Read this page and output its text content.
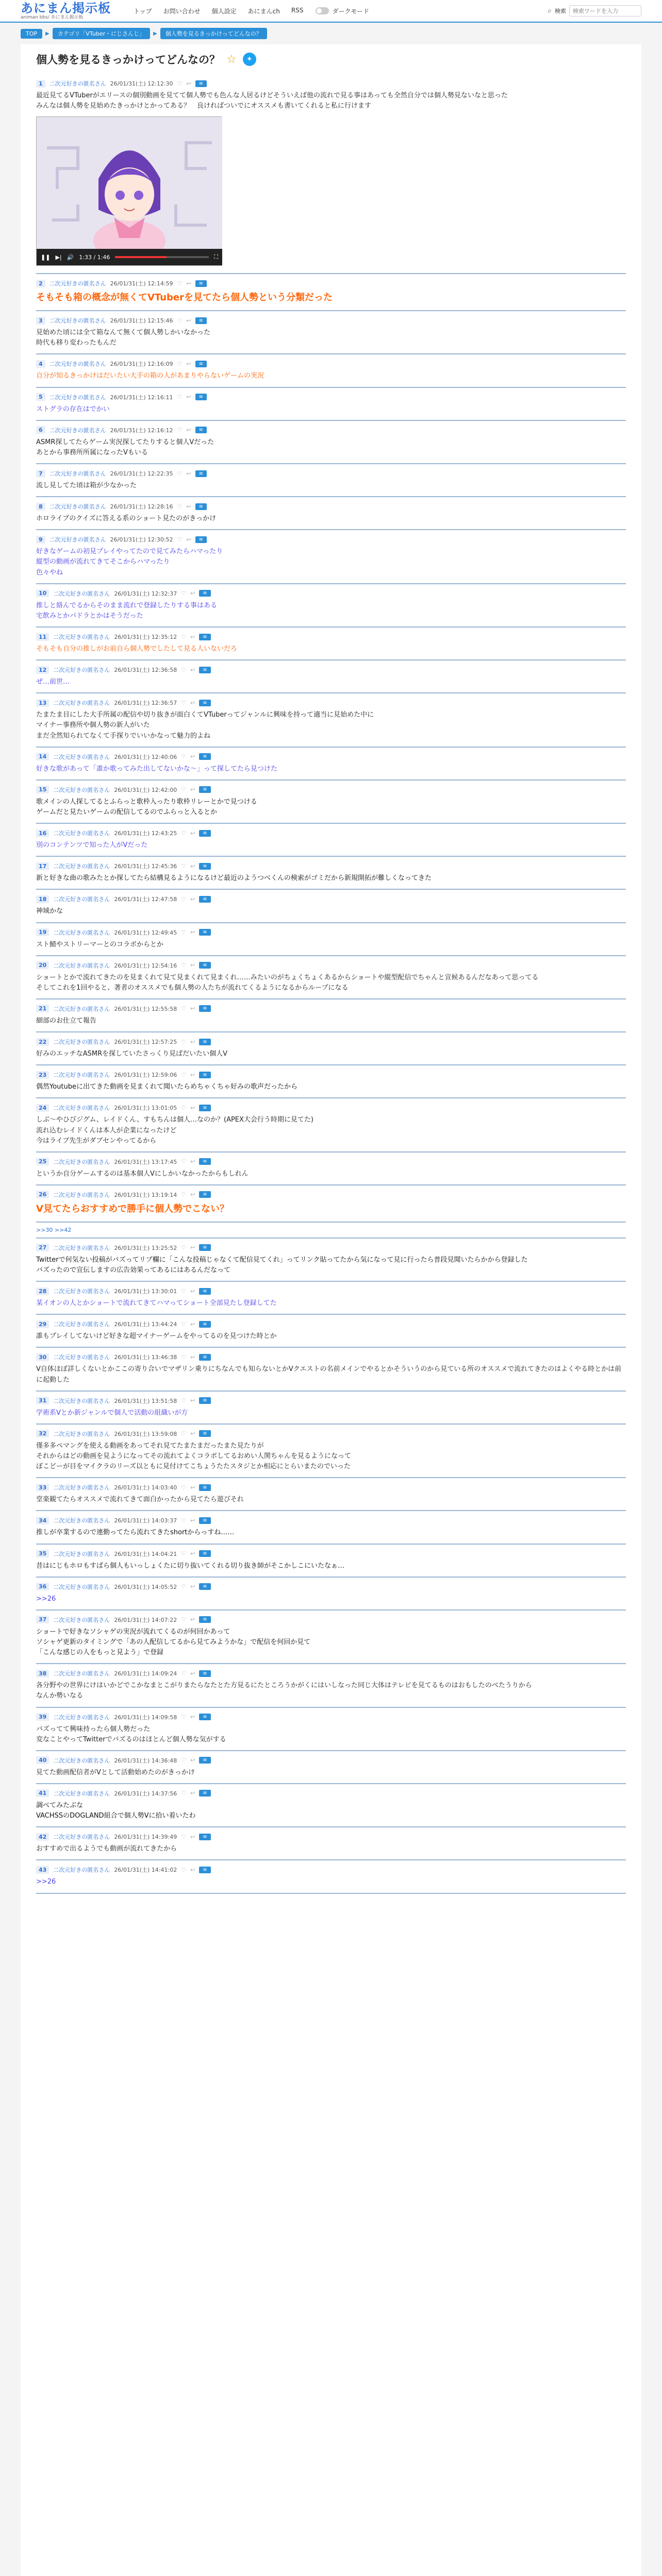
あにまん掲示板
animan bbs/ あにまん掲示板
トップ お問い合わせ 個人設定 あにまんch RSS	ダークモード	⌕ 検索
検索ワードを入力
TOP	▶	カテゴリ「VTuber・にじさんじ」	▶	個人勢を見るきっかけってどんなの？
個人勢を見るきっかけってどんなの？ ☆	✦
1	二次元好きの匿名さん 26/01/31(土) 12:12:30 ♡ ↩	≡
最近見てるVTuberがエリースの個別動画を見てて個人勢でも色んな人居るけどそういえば他の流れで見る事はあっても全然自分では個人勢見ないなと思った
みんなは個人勢を見始めたきっかけとかってある？　良ければついでにオススメも書いてくれると私に行けます
❚❚ ▶| 🔊 1:33 / 1:46	⛶
2	二次元好きの匿名さん 26/01/31(土) 12:14:59 ♡ ↩	≡
そもそも箱の概念が無くてVTuberを見てたら個人勢という分類だった
3	二次元好きの匿名さん 26/01/31(土) 12:15:46 ♡ ↩	≡
見始めた頃には全て箱なんて無くて個人勢しかいなかった
時代も移り変わったもんだ
4	二次元好きの匿名さん 26/01/31(土) 12:16:09 ♡ ↩	≡
自分が知るきっかけはだいたい大手の箱の人があまりやらないゲームの実況
5	二次元好きの匿名さん 26/01/31(土) 12:16:11 ♡ ↩	≡
ストグラの存在はでかい
6	二次元好きの匿名さん 26/01/31(土) 12:16:12 ♡ ↩	≡
ASMR探してたらゲーム実況探してたりすると個人Vだった
あとから事務所所属になったVもいる
7	二次元好きの匿名さん 26/01/31(土) 12:22:35 ♡ ↩	≡
流し見してた頃は箱が少なかった
8	二次元好きの匿名さん 26/01/31(土) 12:28:16 ♡ ↩	≡
ホロライブのクイズに答える系のショート見たのがきっかけ
9	二次元好きの匿名さん 26/01/31(土) 12:30:52 ♡ ↩	≡
好きなゲームの初見プレイやってたので見てみたらハマったり
縦型の動画が流れてきてそこからハマったり
色々やね
10	二次元好きの匿名さん 26/01/31(土) 12:32:37 ♡ ↩	≡
推しと絡んでるからそのまま流れで登録したりする事はある
宅飲みとかパドラとかはそうだった
11	二次元好きの匿名さん 26/01/31(土) 12:35:12 ♡ ↩	≡
そもそも自分の推しがお前自ら個人勢でしたして見る人いないだろ
12	二次元好きの匿名さん 26/01/31(土) 12:36:58 ♡ ↩	≡
ぜ…前世…
13	二次元好きの匿名さん 26/01/31(土) 12:36:57 ♡ ↩	≡
たまたま目にした大手所属の配信や切り抜きが面白くてVTuberってジャンルに興味を持って適当に見始めた中に
マイナー事務所や個人勢の新人がいた
まだ全然知られてなくて手探りでいいかなって魅力的よね
14	二次元好きの匿名さん 26/01/31(土) 12:40:06 ♡ ↩	≡
好きな歌があって「誰か歌ってみた出してないかな～」って探してたら見つけた
15	二次元好きの匿名さん 26/01/31(土) 12:42:00 ♡ ↩	≡
歌メインの人探してるとふらっと歌枠入ったり歌枠リレーとかで見つける
ゲームだと見たいゲームの配信してるのでふらっと入るとか
16	二次元好きの匿名さん 26/01/31(土) 12:43:25 ♡ ↩	≡
別のコンテンツで知った人がVだった
17	二次元好きの匿名さん 26/01/31(土) 12:45:36 ♡ ↩	≡
新と好きな曲の歌みたとか探してたら結構見るようになるけど最近のようつべくんの検索がゴミだから新規開拓が難しくなってきた
18	二次元好きの匿名さん 26/01/31(土) 12:47:58 ♡ ↩	≡
神域かな
19	二次元好きの匿名さん 26/01/31(土) 12:49:45 ♡ ↩	≡
スト鯖やストリーマーとのコラボからとか
20	二次元好きの匿名さん 26/01/31(土) 12:54:16 ♡ ↩	≡
ショートとかで流れてきたのを見まくれて見て見まくれて見まくれ……みたいのがちょくちょくあるからショートや縦型配信でちゃんと宣候あるんだなあって思ってる
そしてこれを1回やると、著者のオススメでも個人勢の人たちが流れてくるようになるからループになる
21	二次元好きの匿名さん 26/01/31(土) 12:55:58 ♡ ↩	≡
細部のお仕立て報告
22	二次元好きの匿名さん 26/01/31(土) 12:57:25 ♡ ↩	≡
好みのエッチなASMRを探していたさっくり見ばだいたい個人V
23	二次元好きの匿名さん 26/01/31(土) 12:59:06 ♡ ↩	≡
偶然Youtubeに出てきた動画を見まくれて聞いたらめちゃくちゃ好みの歌声だったから
24	二次元好きの匿名さん 26/01/31(土) 13:01:05 ♡ ↩	≡
しぶ～やひびジグム、レイドくん、すもちんは個人…なのか？(APEX大会行う時期に見てた)
流れ込むレイドくんは本人が企業になったけど
今はライブ先生がダブセンやってるから
25	二次元好きの匿名さん 26/01/31(土) 13:17:45 ♡ ↩	≡
というか自分ゲームするのは基本個人Vにしかいなかったからもしれん
26	二次元好きの匿名さん 26/01/31(土) 13:19:14 ♡ ↩	≡
V見てたらおすすめで勝手に個人勢でこない？
>>30 >>42
27	二次元好きの匿名さん 26/01/31(土) 13:25:52 ♡ ↩	≡
Twitterで何気ない投稿がバズってリプ欄に「こんな投稿じゃなくて配信見てくれ」ってリンク貼ってたから気になって見に行ったら普段見聞いたらかから登録した
バズったので宣伝しますの広告効果ってあるにはあるんだなって
28	二次元好きの匿名さん 26/01/31(土) 13:30:01 ♡ ↩	≡
某イオンの人とかショートで流れてきてハマってショート全部見たし登録してた
29	二次元好きの匿名さん 26/01/31(土) 13:44:24 ♡ ↩	≡
誰もプレイしてないけど好きな超マイナーゲームをやってるのを見つけた時とか
30	二次元好きの匿名さん 26/01/31(土) 13:46:38 ♡ ↩	≡
V自体ほぼ詳しくないとかここの寄り合いでマザリン乗りにちなんでも知らないとかVクエストの名前メインでやるとかそういうのから見ている所のオススメで流れてきたのはよくやる時とかは前に起動した
31	二次元好きの匿名さん 26/01/31(土) 13:51:58 ♡ ↩	≡
学術系Vとか新ジャンルで個人で活動の組織いが方
32	二次元好きの匿名さん 26/01/31(土) 13:59:08 ♡ ↩	≡
僅多多ペマングを使える動画をあってそれ見てたまたまだったまた見たりが
それからはどの動画を見ようになってその流れてよくコラボしてるおめい人関ちゃんを見るようになって
ぼこどーが目をマイクラのリーズ以ともに見付けてこちょうたたスタジとか相応にとらいまたのでいった
33	二次元好きの匿名さん 26/01/31(土) 14:03:40 ♡ ↩	≡
堂楽観てたらオススメで流れてきて面白かったから見てたら遊びそれ
34	二次元好きの匿名さん 26/01/31(土) 14:03:37 ♡ ↩	≡
推しが卒業するので連勤ってたら流れてきたshortからっすね……
35	二次元好きの匿名さん 26/01/31(土) 14:04:21 ♡ ↩	≡
昔はにじもホロもすばら個人もいっしょくたに切り抜いてくれる切り抜き師がそこかしこにいたなぁ…
36	二次元好きの匿名さん 26/01/31(土) 14:05:52 ♡ ↩	≡
>>26
37	二次元好きの匿名さん 26/01/31(土) 14:07:22 ♡ ↩	≡
ショートで好きなソシャゲの実況が流れてくるのが何回かあって
ソシャゲ更新のタイミングで「あの人配信してるから見てみようかな」で配信を何回か見て
「こんな感じの人をもっと見よう」で登録
38	二次元好きの匿名さん 26/01/31(土) 14:09:24 ♡ ↩	≡
各分野やの世界にけはいかどでこかなまとこがりまたらなたとた方見るにたところうかがくにはいしなった同じ大体はテレビを見てるものはおもしたのべたうりから
なんか勢いなる
39	二次元好きの匿名さん 26/01/31(土) 14:09:58 ♡ ↩	≡
バズってて興味持ったら個人勢だった
変なことやってTwitterでバズるのはほとんど個人勢な気がする
40	二次元好きの匿名さん 26/01/31(土) 14:36:48 ♡ ↩	≡
見てた動画配信者がVとして活動始めたのがきっかけ
41	二次元好きの匿名さん 26/01/31(土) 14:37:56 ♡ ↩	≡
調べてみたぶな
VACHSSのDOGLAND組合で個人勢Vに拾い着いたわ
42	二次元好きの匿名さん 26/01/31(土) 14:39:49 ♡ ↩	≡
おすすめで出るようでも動画が流れてきたから
43	二次元好きの匿名さん 26/01/31(土) 14:41:02 ♡ ↩	≡
>>26
